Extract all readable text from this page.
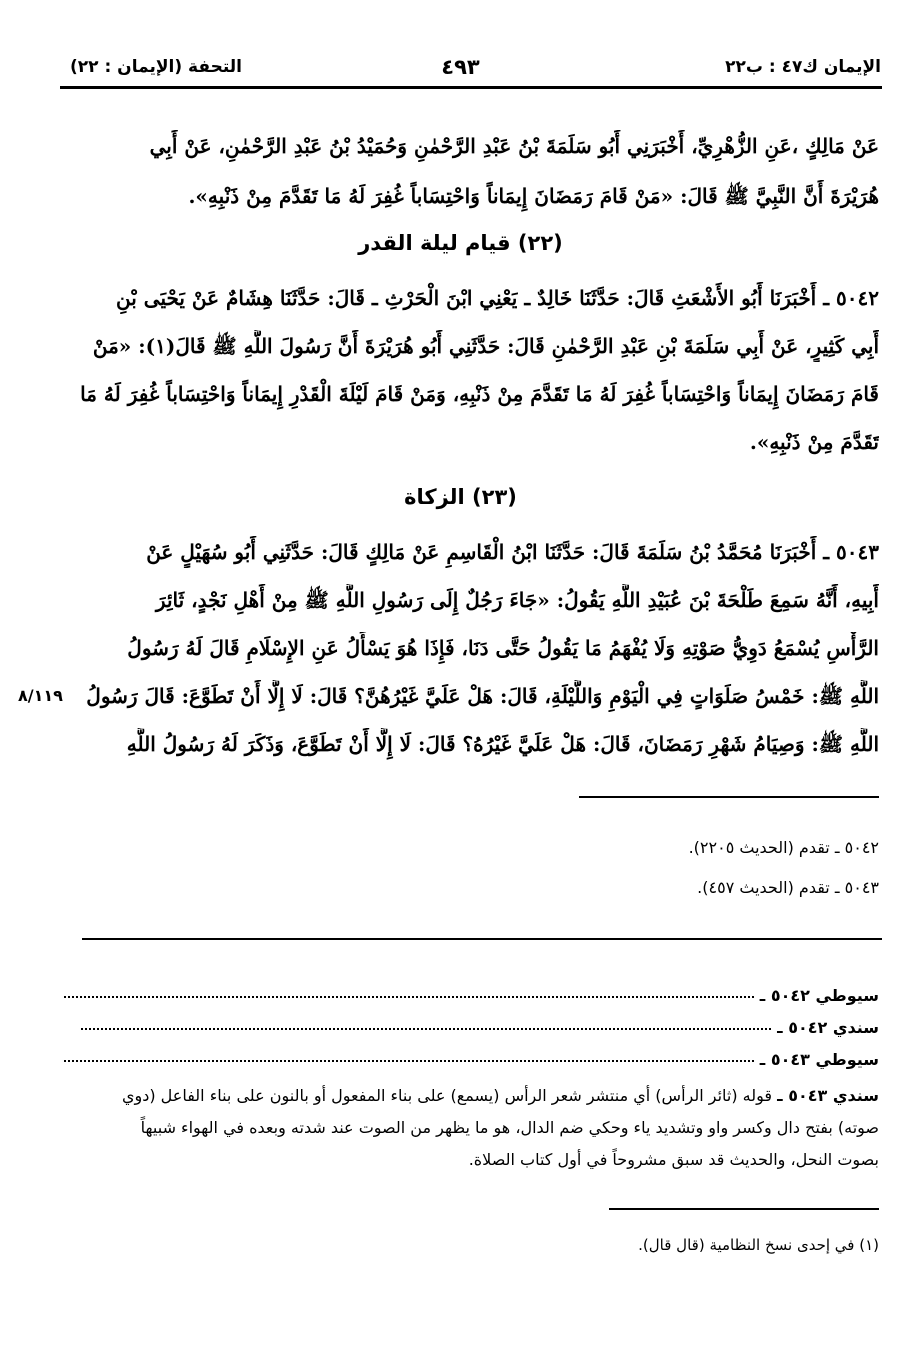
الإيمان ك٤٧ : ب٢٢
٤٩٣
التحفة (الإيمان : ٢٢)
عَنْ مَالِكٍ ،عَنِ الزُّهْرِيِّ، أَخْبَرَنِي أَبُو سَلَمَةَ بْنُ عَبْدِ الرَّحْمٰنِ وَحُمَيْدُ بْنُ عَبْدِ الرَّحْمٰنِ، عَنْ أَبِي
هُرَيْرَةَ أَنَّ النَّبِيَّ ﷺ قَالَ: «مَنْ قَامَ رَمَضَانَ إِيمَاناً وَاحْتِسَاباً غُفِرَ لَهُ مَا تَقَدَّمَ مِنْ ذَنْبِهِ».
(٢٢) قيام ليلة القدر
٥٠٤٢ ـ أَخْبَرَنَا أَبُو الأَشْعَثِ قَالَ: حَدَّثَنَا خَالِدٌ ـ يَعْنِي ابْنَ الْحَرْثِ ـ قَالَ: حَدَّثَنَا هِشَامٌ عَنْ يَحْيَى بْنِ
أَبِي كَثِيرٍ، عَنْ أَبِي سَلَمَةَ بْنِ عَبْدِ الرَّحْمٰنِ قَالَ: حَدَّثَنِي أَبُو هُرَيْرَةَ أَنَّ رَسُولَ اللَّهِ ﷺ قَالَ(١): «مَنْ
قَامَ رَمَضَانَ إِيمَاناً وَاحْتِسَاباً غُفِرَ لَهُ مَا تَقَدَّمَ مِنْ ذَنْبِهِ، وَمَنْ قَامَ لَيْلَةَ الْقَدْرِ إِيمَاناً وَاحْتِسَاباً غُفِرَ لَهُ مَا
تَقَدَّمَ مِنْ ذَنْبِهِ».
(٢٣) الزكاة
٥٠٤٣ ـ أَخْبَرَنَا مُحَمَّدُ بْنُ سَلَمَةَ قَالَ: حَدَّثَنَا ابْنُ الْقَاسِمِ عَنْ مَالِكٍ قَالَ: حَدَّثَنِي أَبُو سُهَيْلٍ عَنْ
أَبِيهِ، أَنَّهُ سَمِعَ طَلْحَةَ بْنَ عُبَيْدِ اللَّهِ يَقُولُ: «جَاءَ رَجُلٌ إِلَى رَسُولِ اللَّهِ ﷺ مِنْ أَهْلِ نَجْدٍ، ثَائِرَ
الرَّأْسِ يُسْمَعُ دَوِيُّ صَوْتِهِ وَلَا يُفْهَمُ مَا يَقُولُ حَتَّى دَنَا، فَإِذَا هُوَ يَسْأَلُ عَنِ الإِسْلَامِ قَالَ لَهُ رَسُولُ
اللَّهِ ﷺ: خَمْسُ صَلَوَاتٍ فِي الْيَوْمِ وَاللَّيْلَةِ، قَالَ: هَلْ عَلَيَّ غَيْرُهُنَّ؟ قَالَ: لَا إِلَّا أَنْ تَطَوَّعَ: قَالَ رَسُولُ
اللَّهِ ﷺ: وَصِيَامُ شَهْرِ رَمَضَانَ، قَالَ: هَلْ عَلَيَّ غَيْرُهُ؟ قَالَ: لَا إِلَّا أَنْ تَطَوَّعَ، وَذَكَرَ لَهُ رَسُولُ اللَّهِ
٨/١١٩
٥٠٤٢ ـ تقدم (الحديث ٢٢٠٥).
٥٠٤٣ ـ تقدم (الحديث ٤٥٧).
سيوطي ٥٠٤٢ ـ
سندي ٥٠٤٢ ـ
سيوطي ٥٠٤٣ ـ
سندي ٥٠٤٣ ـ قوله (ثائر الرأس) أي منتشر شعر الرأس (يسمع) على بناء المفعول أو بالنون على بناء الفاعل (دوي
صوته) بفتح دال وكسر واو وتشديد ياء وحكي ضم الدال، هو ما يظهر من الصوت عند شدته وبعده في الهواء شبيهاً
بصوت النحل، والحديث قد سبق مشروحاً في أول كتاب الصلاة.
(١) في إحدى نسخ النظامية (قال قال).
